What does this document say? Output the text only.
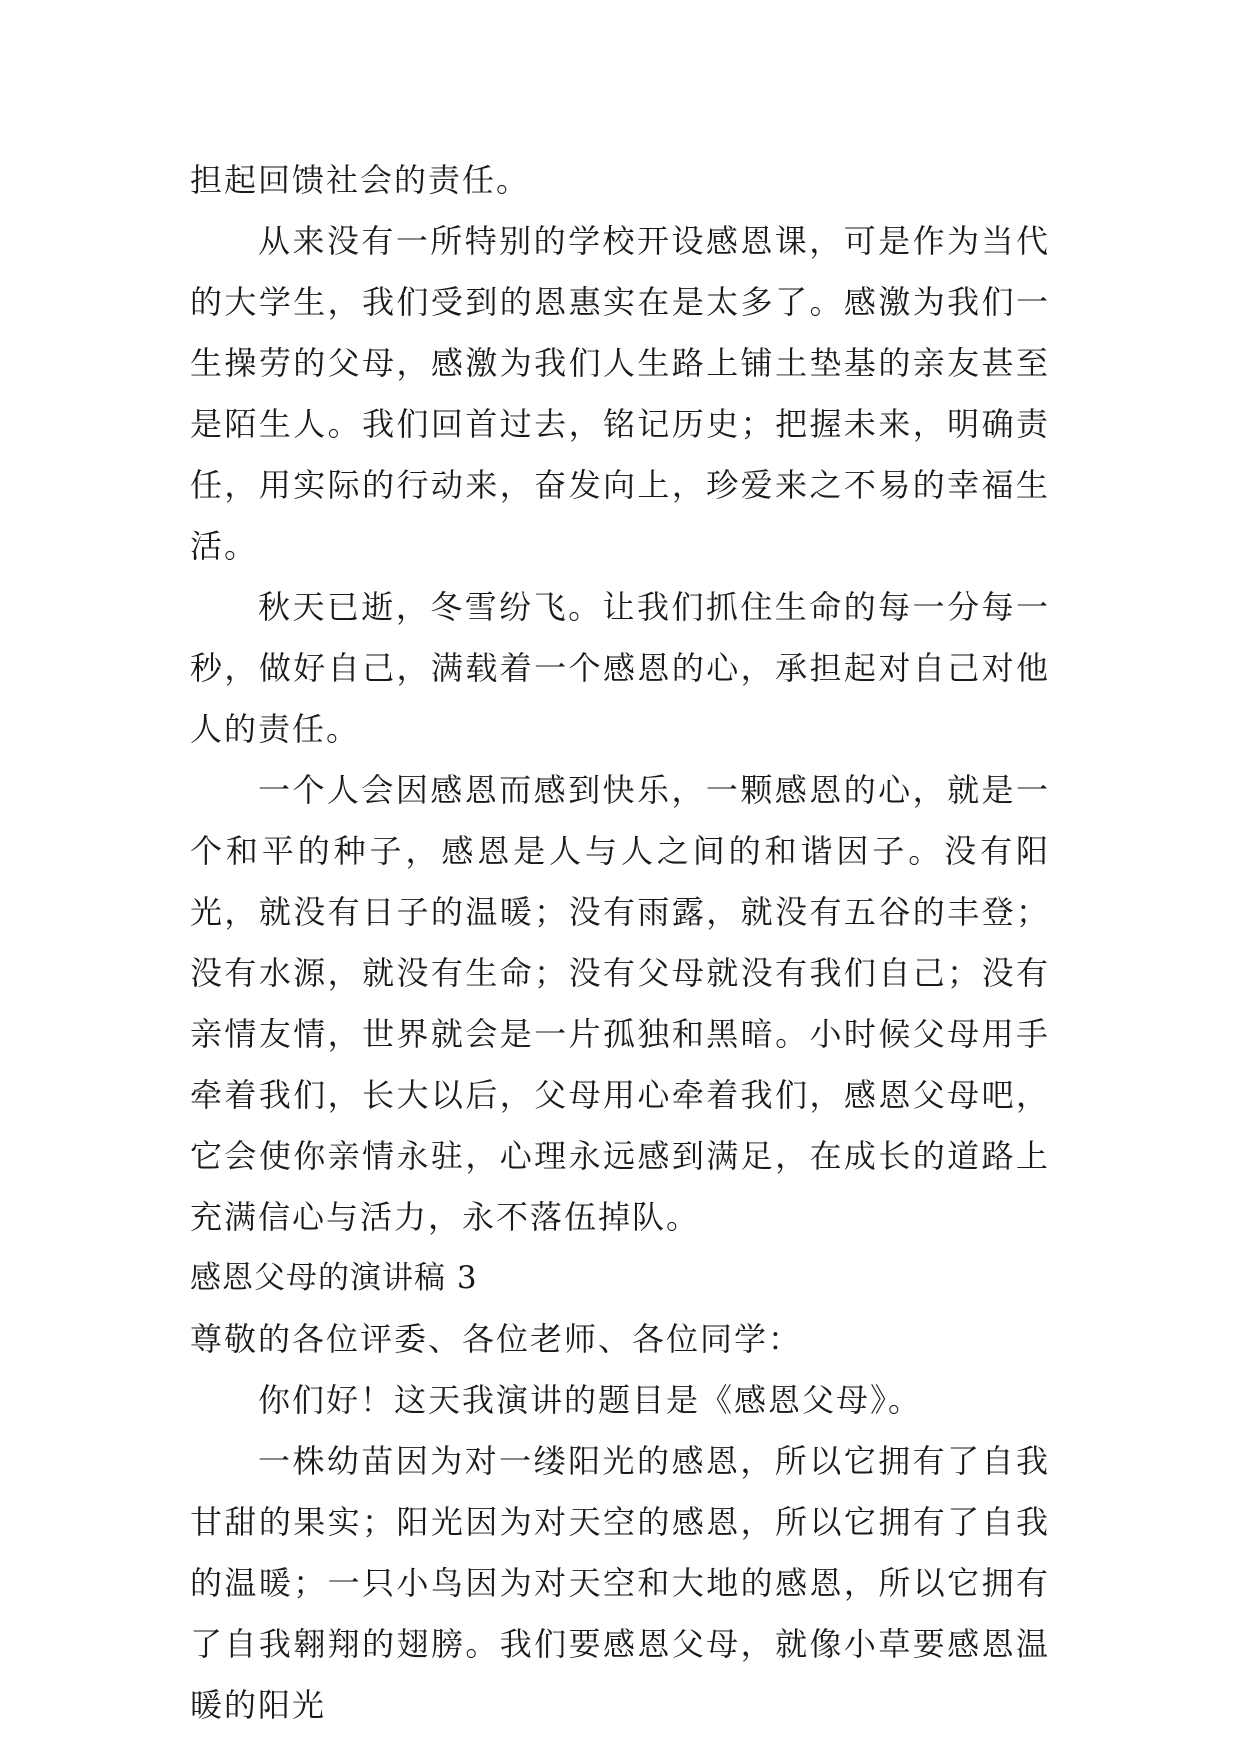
担起回馈社会的责任。

从来没有一所特别的学校开设感恩课，可是作为当代的大学生，我们受到的恩惠实在是太多了。感激为我们一生操劳的父母，感激为我们人生路上铺土垫基的亲友甚至是陌生人。我们回首过去，铭记历史；把握未来，明确责任，用实际的行动来，奋发向上，珍爱来之不易的幸福生活。

秋天已逝，冬雪纷飞。让我们抓住生命的每一分每一秒，做好自己，满载着一个感恩的心，承担起对自己对他人的责任。

一个人会因感恩而感到快乐，一颗感恩的心，就是一个和平的种子，感恩是人与人之间的和谐因子。没有阳光，就没有日子的温暖；没有雨露，就没有五谷的丰登；没有水源，就没有生命；没有父母就没有我们自己；没有亲情友情，世界就会是一片孤独和黑暗。小时候父母用手牵着我们，长大以后，父母用心牵着我们，感恩父母吧，它会使你亲情永驻，心理永远感到满足，在成长的道路上充满信心与活力，永不落伍掉队。

感恩父母的演讲稿 3

尊敬的各位评委、各位老师、各位同学：

你们好！这天我演讲的题目是《感恩父母》。

一株幼苗因为对一缕阳光的感恩，所以它拥有了自我甘甜的果实；阳光因为对天空的感恩，所以它拥有了自我的温暖；一只小鸟因为对天空和大地的感恩，所以它拥有了自我翱翔的翅膀。我们要感恩父母，就像小草要感恩温暖的阳光
